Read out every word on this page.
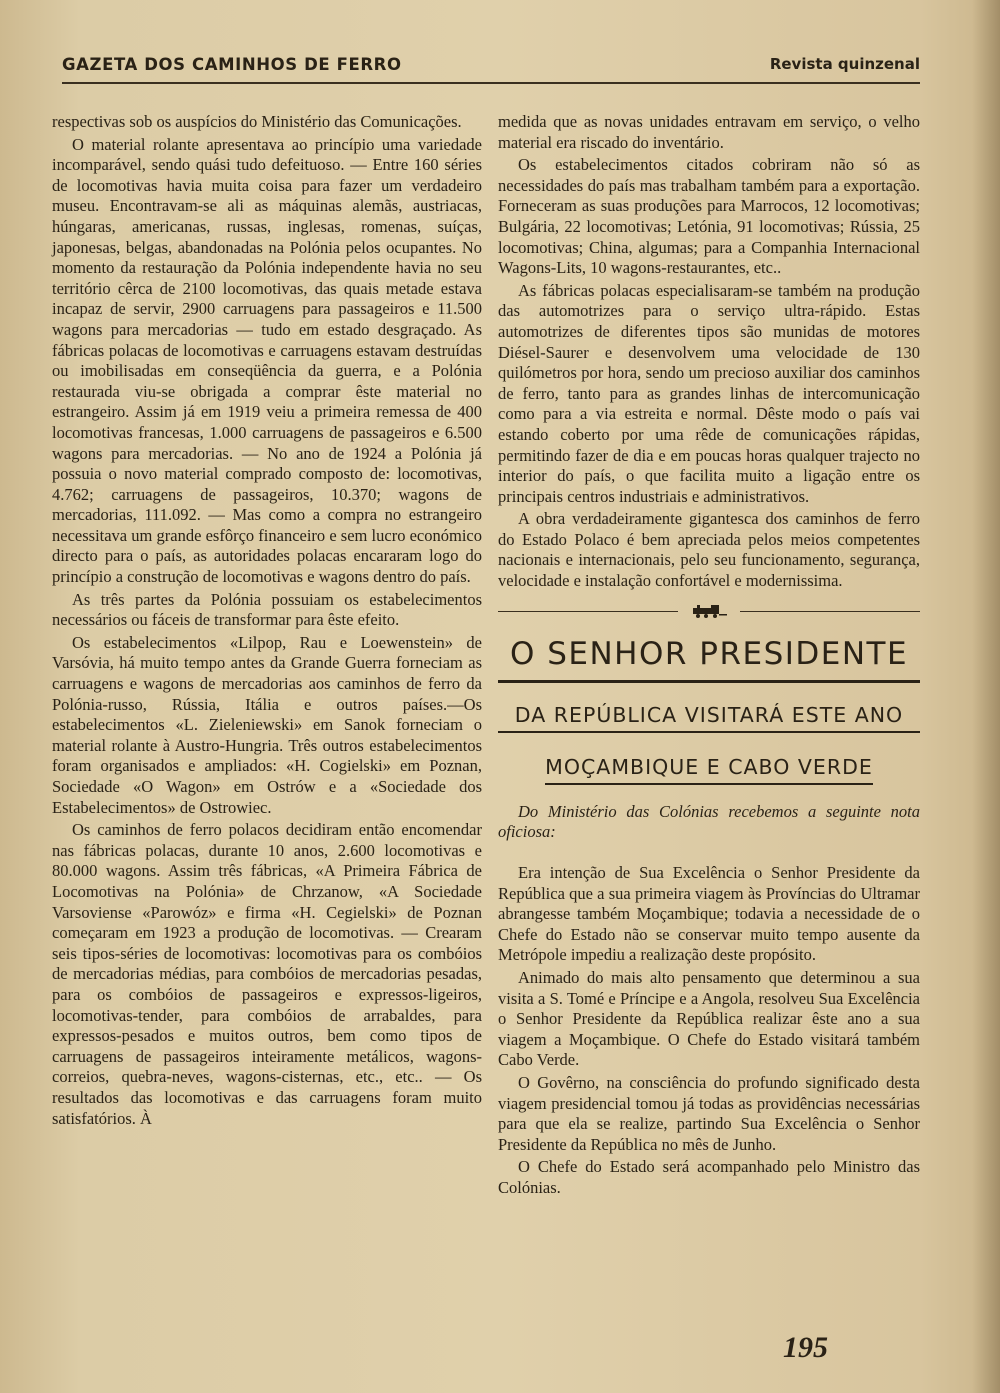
GAZETA DOS CAMINHOS DE FERRO	Revista quinzenal

respectivas sob os auspícios do Ministério das Comunicações.

O material rolante apresentava ao princípio uma variedade incomparável, sendo quási tudo defeituoso. — Entre 160 séries de locomotivas havia muita coisa para fazer um verdadeiro museu. Encontravam-se ali as máquinas alemãs, austriacas, húngaras, americanas, russas, inglesas, romenas, suíças, japonesas, belgas, abandonadas na Polónia pelos ocupantes. No momento da restauração da Polónia independente havia no seu território cêrca de 2100 locomotivas, das quais metade estava incapaz de servir, 2900 carruagens para passageiros e 11.500 wagons para mercadorias — tudo em estado desgraçado. As fábricas polacas de locomotivas e carruagens estavam destruídas ou imobilisadas em conseqüência da guerra, e a Polónia restaurada viu-se obrigada a comprar êste material no estrangeiro. Assim já em 1919 veiu a primeira remessa de 400 locomotivas francesas, 1.000 carruagens de passageiros e 6.500 wagons para mercadorias. — No ano de 1924 a Polónia já possuia o novo material comprado composto de: locomotivas, 4.762; carruagens de passageiros, 10.370; wagons de mercadorias, 111.092. — Mas como a compra no estrangeiro necessitava um grande esfôrço financeiro e sem lucro económico directo para o país, as autoridades polacas encararam logo do princípio a construção de locomotivas e wagons dentro do país.

As três partes da Polónia possuiam os estabelecimentos necessários ou fáceis de transformar para êste efeito.

Os estabelecimentos «Lilpop, Rau e Loewenstein» de Varsóvia, há muito tempo antes da Grande Guerra forneciam as carruagens e wagons de mercadorias aos caminhos de ferro da Polónia-russo, Rússia, Itália e outros países.—Os estabelecimentos «L. Zieleniewski» em Sanok forneciam o material rolante à Austro-Hungria. Três outros estabelecimentos foram organisados e ampliados: «H. Cogielski» em Poznan, Sociedade «O Wagon» em Ostrów e a «Sociedade dos Estabelecimentos» de Ostrowiec.

Os caminhos de ferro polacos decidiram então encomendar nas fábricas polacas, durante 10 anos, 2.600 locomotivas e 80.000 wagons. Assim três fábricas, «A Primeira Fábrica de Locomotivas na Polónia» de Chrzanow, «A Sociedade Varsoviense «Parowóz» e firma «H. Cegielski» de Poznan começaram em 1923 a produção de locomotivas. — Crearam seis tipos-séries de locomotivas: locomotivas para os combóios de mercadorias médias, para combóios de mercadorias pesadas, para os combóios de passageiros e expressos-ligeiros, locomotivas-tender, para combóios de arrabaldes, para expressos-pesados e muitos outros, bem como tipos de carruagens de passageiros inteiramente metálicos, wagons-correios, quebra-neves, wagons-cisternas, etc., etc.. — Os resultados das locomotivas e das carruagens foram muito satisfatórios. À

medida que as novas unidades entravam em serviço, o velho material era riscado do inventário.

Os estabelecimentos citados cobriram não só as necessidades do país mas trabalham também para a exportação. Forneceram as suas produções para Marrocos, 12 locomotivas; Bulgária, 22 locomotivas; Letónia, 91 locomotivas; Rússia, 25 locomotivas; China, algumas; para a Companhia Internacional Wagons-Lits, 10 wagons-restaurantes, etc..

As fábricas polacas especialisaram-se também na produção das automotrizes para o serviço ultra-rápido. Estas automotrizes de diferentes tipos são munidas de motores Diésel-Saurer e desenvolvem uma velocidade de 130 quilómetros por hora, sendo um precioso auxiliar dos caminhos de ferro, tanto para as grandes linhas de intercomunicação como para a via estreita e normal. Dêste modo o país vai estando coberto por uma rêde de comunicações rápidas, permitindo fazer de dia e em poucas horas qualquer trajecto no interior do país, o que facilita muito a ligação entre os principais centros industriais e administrativos.

A obra verdadeiramente gigantesca dos caminhos de ferro do Estado Polaco é bem apreciada pelos meios competentes nacionais e internacionais, pelo seu funcionamento, segurança, velocidade e instalação confortável e modernissima.

O SENHOR PRESIDENTE
DA REPÚBLICA VISITARÁ ESTE ANO
MOÇAMBIQUE E CABO VERDE

Do Ministério das Colónias recebemos a seguinte nota oficiosa:

Era intenção de Sua Excelência o Senhor Presidente da República que a sua primeira viagem às Províncias do Ultramar abrangesse também Moçambique; todavia a necessidade de o Chefe do Estado não se conservar muito tempo ausente da Metrópole impediu a realização deste propósito.

Animado do mais alto pensamento que determinou a sua visita a S. Tomé e Príncipe e a Angola, resolveu Sua Excelência o Senhor Presidente da República realizar êste ano a sua viagem a Moçambique. O Chefe do Estado visitará também Cabo Verde.

O Govêrno, na consciência do profundo significado desta viagem presidencial tomou já todas as providências necessárias para que ela se realize, partindo Sua Excelência o Senhor Presidente da República no mês de Junho.

O Chefe do Estado será acompanhado pelo Ministro das Colónias.

195
